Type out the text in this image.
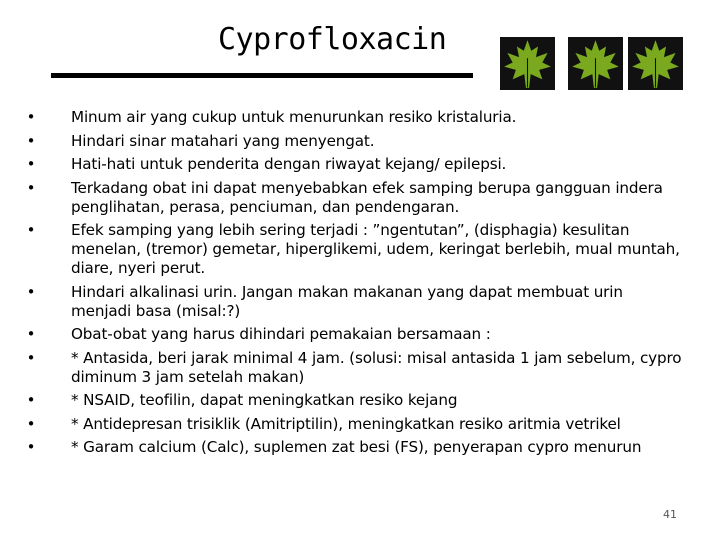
Cyprofloxacin
• Minum air yang cukup untuk menurunkan resiko kristaluria.
• Hindari sinar matahari yang menyengat.
• Hati-hati untuk penderita dengan riwayat kejang/ epilepsi.
• Terkadang obat ini dapat menyebabkan efek samping berupa gangguan indera penglihatan, perasa, penciuman, dan pendengaran.
• Efek samping yang lebih sering terjadi : ”ngentutan”, (disphagia) kesulitan menelan, (tremor) gemetar, hiperglikemi, udem, keringat berlebih, mual muntah, diare, nyeri perut.
• Hindari alkalinasi urin. Jangan makan makanan yang dapat membuat urin menjadi basa (misal:?)
• Obat-obat yang harus dihindari pemakaian bersamaan :
• * Antasida, beri jarak minimal 4 jam. (solusi: misal antasida 1 jam sebelum, cypro diminum 3 jam setelah makan)
• * NSAID, teofilin, dapat meningkatkan resiko kejang
• * Antidepresan trisiklik (Amitriptilin), meningkatkan resiko aritmia vetrikel
• * Garam calcium (Calc), suplemen zat besi (FS), penyerapan cypro menurun
41
